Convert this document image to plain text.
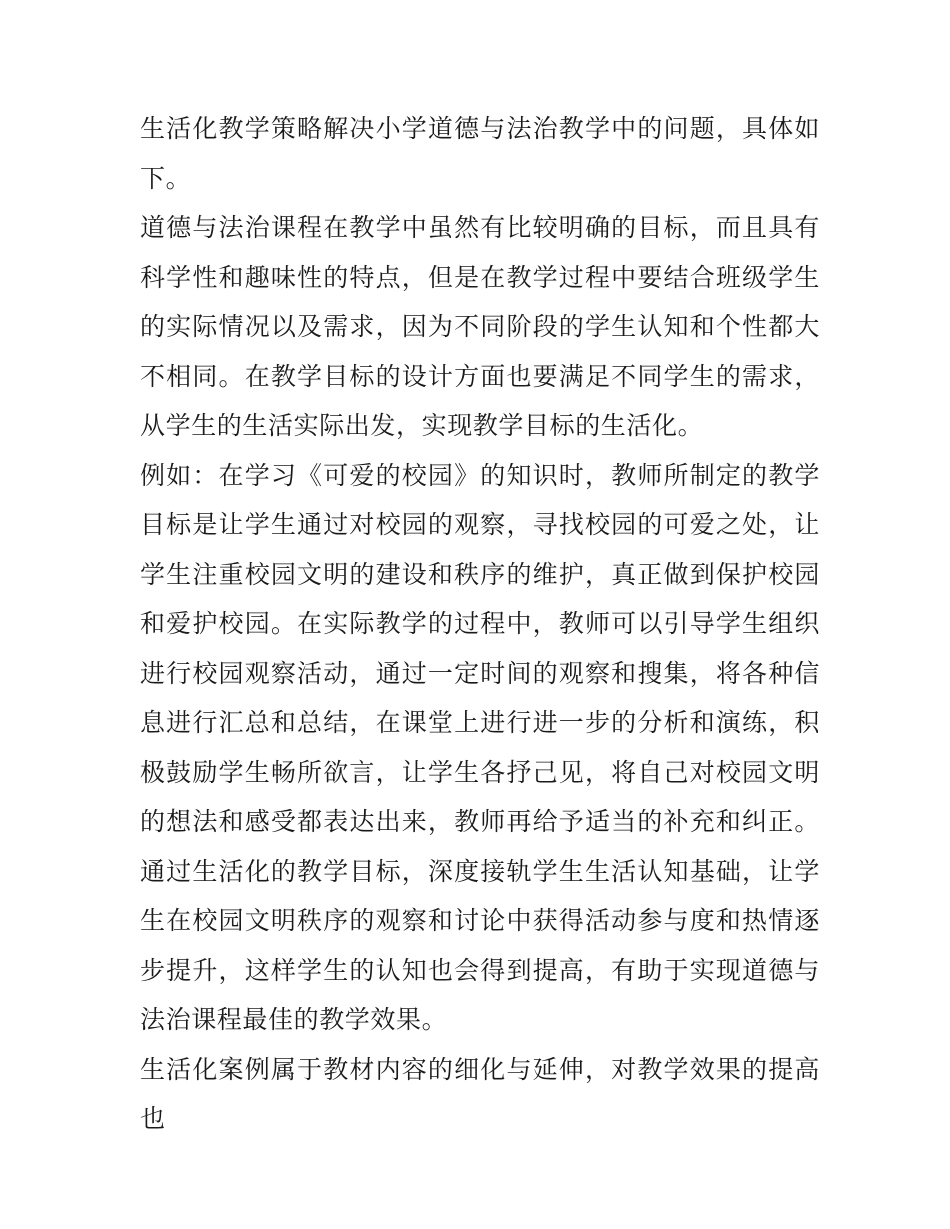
生活化教学策略解决小学道德与法治教学中的问题，具体如下。

道德与法治课程在教学中虽然有比较明确的目标，而且具有科学性和趣味性的特点，但是在教学过程中要结合班级学生的实际情况以及需求，因为不同阶段的学生认知和个性都大不相同。在教学目标的设计方面也要满足不同学生的需求，从学生的生活实际出发，实现教学目标的生活化。

例如：在学习《可爱的校园》的知识时，教师所制定的教学目标是让学生通过对校园的观察，寻找校园的可爱之处，让学生注重校园文明的建设和秩序的维护，真正做到保护校园和爱护校园。在实际教学的过程中，教师可以引导学生组织进行校园观察活动，通过一定时间的观察和搜集，将各种信息进行汇总和总结，在课堂上进行进一步的分析和演练，积极鼓励学生畅所欲言，让学生各抒己见，将自己对校园文明的想法和感受都表达出来，教师再给予适当的补充和纠正。通过生活化的教学目标，深度接轨学生生活认知基础，让学生在校园文明秩序的观察和讨论中获得活动参与度和热情逐步提升，这样学生的认知也会得到提高，有助于实现道德与法治课程最佳的教学效果。

生活化案例属于教材内容的细化与延伸，对教学效果的提高也
